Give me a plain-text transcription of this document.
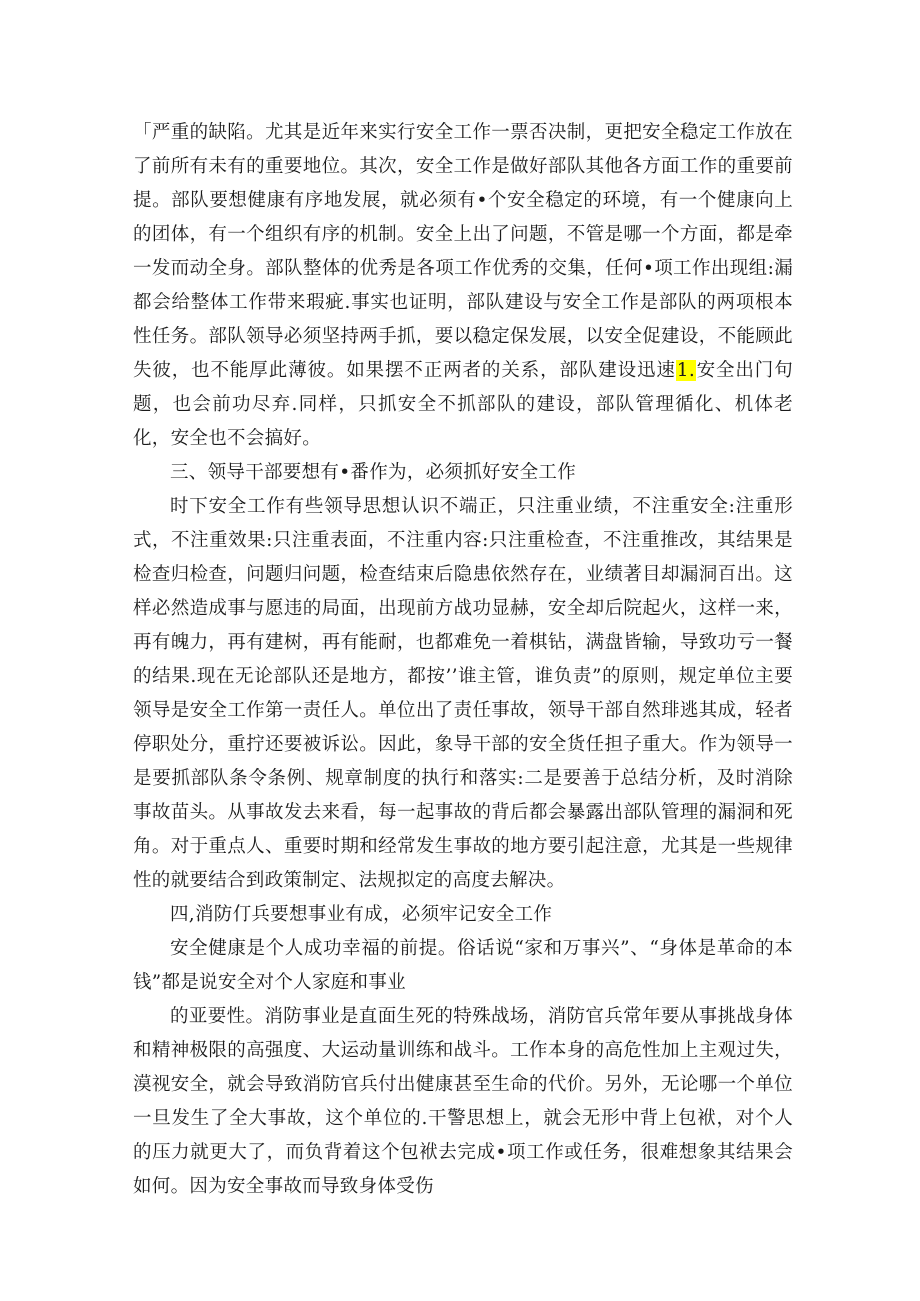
「严重的缺陷。尤其是近年来实行安全工作一票否决制，更把安全稳定工作放在了前所有未有的重要地位。其次，安全工作是做好部队其他各方面工作的重要前提。部队要想健康有序地发展，就必须有•个安全稳定的环境，有一个健康向上的团体，有一个组织有序的机制。安全上出了问题，不管是哪一个方面，都是牵一发而动全身。部队整体的优秀是各项工作优秀的交集，任何•项工作出现组:漏都会给整体工作带来瑕疵.事实也证明，部队建设与安全工作是部队的两项根本性任务。部队领导必须坚持两手抓，要以稳定保发展，以安全促建设，不能顾此失彼，也不能厚此薄彼。如果摆不正两者的关系，部队建设迅速1.安全出门句题，也会前功尽弃.同样，只抓安全不抓部队的建设，部队管理循化、机体老化，安全也不会搞好。

三、领导干部要想有•番作为，必须抓好安全工作

时下安全工作有些领导思想认识不端正，只注重业绩，不注重安全:注重形式，不注重效果:只注重表面，不注重内容:只注重检查，不注重推改，其结果是检查归检查，问题归问题，检查结束后隐患依然存在，业绩著目却漏洞百出。这样必然造成事与愿违的局面，出现前方战功显赫，安全却后院起火，这样一来，再有魄力，再有建树，再有能耐，也都难免一着棋钻，满盘皆输，导致功亏一餐的结果.现在无论部队还是地方，都按’’谁主管，谁负责”的原则，规定单位主要领导是安全工作第一责任人。单位出了责任事故，领导干部自然琲逃其成，轻者停职处分，重拧还要被诉讼。因此，象导干部的安全货任担子重大。作为领导一是要抓部队条令条例、规章制度的执行和落实:二是要善于总结分析，及时消除事故苗头。从事故发去来看，每一起事故的背后都会暴露出部队管理的漏洞和死角。对于重点人、重要时期和经常发生事故的地方要引起注意，尤其是一些规律性的就要结合到政策制定、法规拟定的高度去解决。

四,消防仃兵要想事业有成，必须牢记安全工作

安全健康是个人成功幸福的前提。俗话说“家和万事兴”、“身体是革命的本钱”都是说安全对个人家庭和事业

的亚要性。消防事业是直面生死的特殊战场，消防官兵常年要从事挑战身体和精神极限的高强度、大运动量训练和战斗。工作本身的高危性加上主观过失，漠视安全，就会导致消防官兵付出健康甚至生命的代价。另外，无论哪一个单位一旦发生了全大事故，这个单位的.干警思想上，就会无形中背上包袱，对个人的压力就更大了，而负背着这个包袱去完成•项工作或任务，很难想象其结果会如何。因为安全事故而导致身体受伤
